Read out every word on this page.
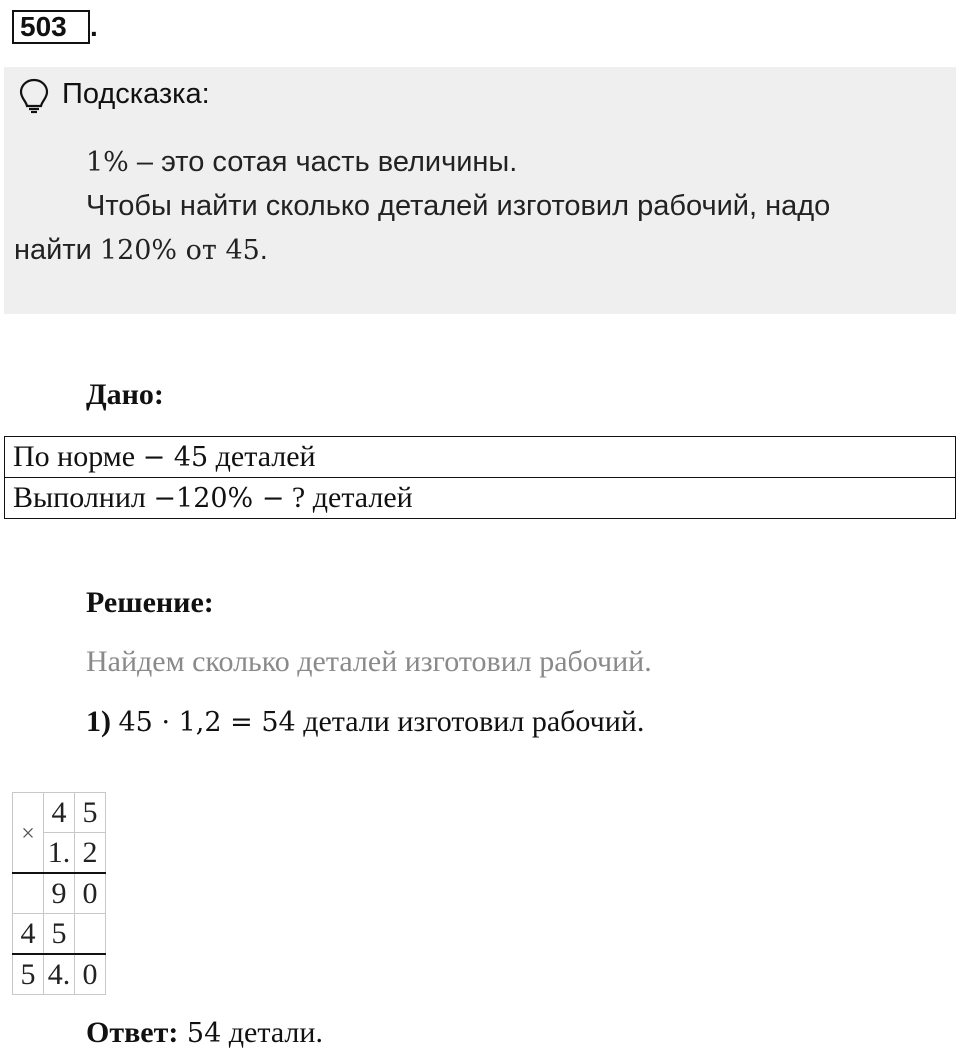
503 .
Подсказка:
1% – это сотая часть величины.
Чтобы найти сколько деталей изготовил рабочий, надо
найти 120% от 45.
Дано:
По норме − 45 деталей
Выполнил −120% − ? деталей
Решение:
Найдем сколько деталей изготовил рабочий.
1) 45 · 1,2 = 54 детали изготовил рабочий.
×	4	5
	1.	2
	9	0
4	5	
5	4.	0
Ответ: 54 детали.
